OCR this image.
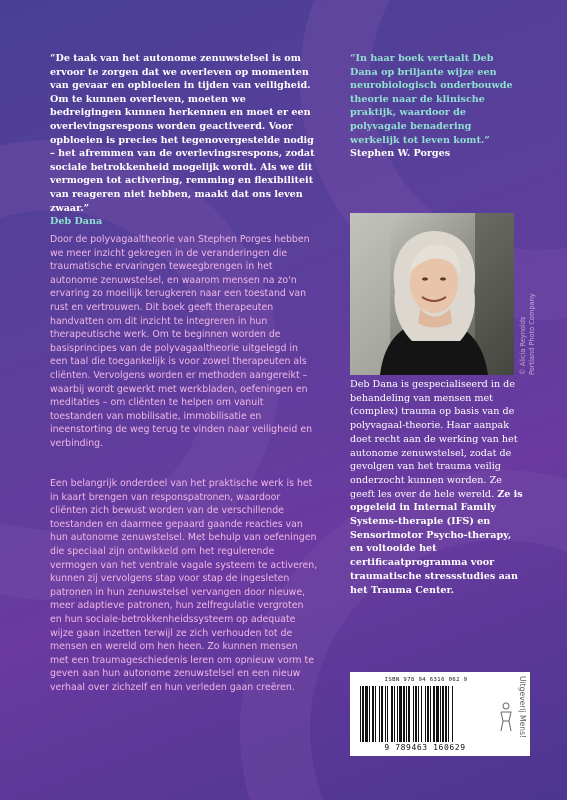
“De taak van het autonome zenuwstelsel is om ervoor te zorgen dat we overleven op momenten van gevaar en opbloeien in tijden van veiligheid. Om te kunnen overleven, moeten we bedreigingen kunnen herkennen en moet er een overlevingsrespons worden geactiveerd. Voor opbloeien is precies het tegenovergestelde nodig – het afremmen van de overlevingsrespons, zodat sociale betrokkenheid mogelijk wordt. Als we dit vermogen tot activering, remming en flexibiliteit van reageren niet hebben, maakt dat ons leven zwaar.”
Deb Dana

“In haar boek vertaalt Deb Dana op briljante wijze een neurobiologisch onderbouwde theorie naar de klinische praktijk, waardoor de polyvagale benadering werkelijk tot leven komt.”
Stephen W. Porges

Door de polyvagaaltheorie van Stephen Porges hebben we meer inzicht gekregen in de veranderingen die traumatische ervaringen teweegbrengen in het autonome zenuwstelsel, en waarom mensen na zo'n ervaring zo moeilijk terugkeren naar een toestand van rust en vertrouwen. Dit boek geeft therapeuten handvatten om dit inzicht te integreren in hun therapeutische werk. Om te beginnen worden de basisprincipes van de polyvagaaltheorie uitgelegd in een taal die toegankelijk is voor zowel therapeuten als cliënten. Vervolgens worden er methoden aangereikt – waarbij wordt gewerkt met werkbladen, oefeningen en meditaties – om cliënten te helpen om vanuit toestanden van mobilisatie, immobilisatie en ineenstorting de weg terug te vinden naar veiligheid en verbinding.

Een belangrijk onderdeel van het praktische werk is het in kaart brengen van responspatronen, waardoor cliënten zich bewust worden van de verschillende toestanden en daarmee gepaard gaande reacties van hun autonome zenuwstelsel. Met behulp van oefeningen die speciaal zijn ontwikkeld om het regulerende vermogen van het ventrale vagale systeem te activeren, kunnen zij vervolgens stap voor stap de ingesleten patronen in hun zenuwstelsel vervangen door nieuwe, meer adaptieve patronen, hun zelfregulatie vergroten en hun sociale-betrokkenheidssysteem op adequate wijze gaan inzetten terwijl ze zich verhouden tot de mensen en wereld om hen heen. Zo kunnen mensen met een traumageschiedenis leren om opnieuw vorm te geven aan hun autonome zenuwstelsel en een nieuw verhaal over zichzelf en hun verleden gaan creëren.

© Alicia Reynolds Portland Photo Company

Deb Dana is gespecialiseerd in de behandeling van mensen met (complex) trauma op basis van de polyvagaal-theorie. Haar aanpak doet recht aan de werking van het autonome zenuwstelsel, zodat de gevolgen van het trauma veilig onderzocht kunnen worden. Ze geeft les over de hele wereld. Ze is opgeleid in Internal Family Systems-therapie (IFS) en Sensorimotor Psycho-therapy, en voltooide het certificaatprogramma voor traumatische stressstudies aan het Trauma Center.

ISBN 978 94 6316 062 9
9 789463 160629
Uitgeverij Mens!
